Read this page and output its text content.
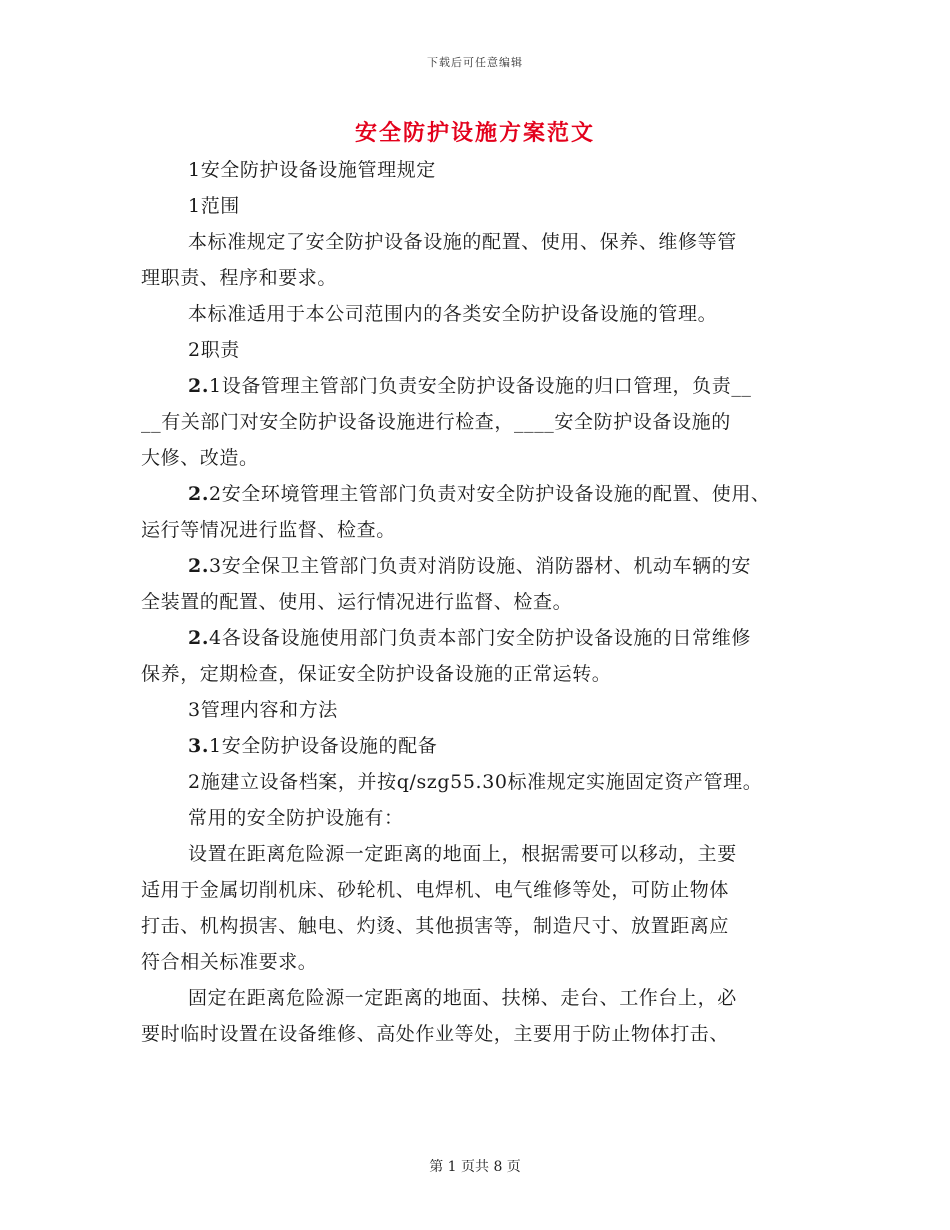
下载后可任意编辑
安全防护设施方案范文
1安全防护设备设施管理规定
1范围
本标准规定了安全防护设备设施的配置、使用、保养、维修等管
理职责、程序和要求。
本标准适用于本公司范围内的各类安全防护设备设施的管理。
2职责
2.1设备管理主管部门负责安全防护设备设施的归口管理，负责__
__有关部门对安全防护设备设施进行检查，____安全防护设备设施的
大修、改造。
2.2安全环境管理主管部门负责对安全防护设备设施的配置、使用、
运行等情况进行监督、检查。
2.3安全保卫主管部门负责对消防设施、消防器材、机动车辆的安
全装置的配置、使用、运行情况进行监督、检查。
2.4各设备设施使用部门负责本部门安全防护设备设施的日常维修
保养，定期检查，保证安全防护设备设施的正常运转。
3管理内容和方法
3.1安全防护设备设施的配备
2施建立设备档案，并按q/szg55.30标准规定实施固定资产管理。
常用的安全防护设施有：
设置在距离危险源一定距离的地面上，根据需要可以移动，主要
适用于金属切削机床、砂轮机、电焊机、电气维修等处，可防止物体
打击、机构损害、触电、灼烫、其他损害等，制造尺寸、放置距离应
符合相关标准要求。
固定在距离危险源一定距离的地面、扶梯、走台、工作台上，必
要时临时设置在设备维修、高处作业等处，主要用于防止物体打击、
第 1 页共 8 页
